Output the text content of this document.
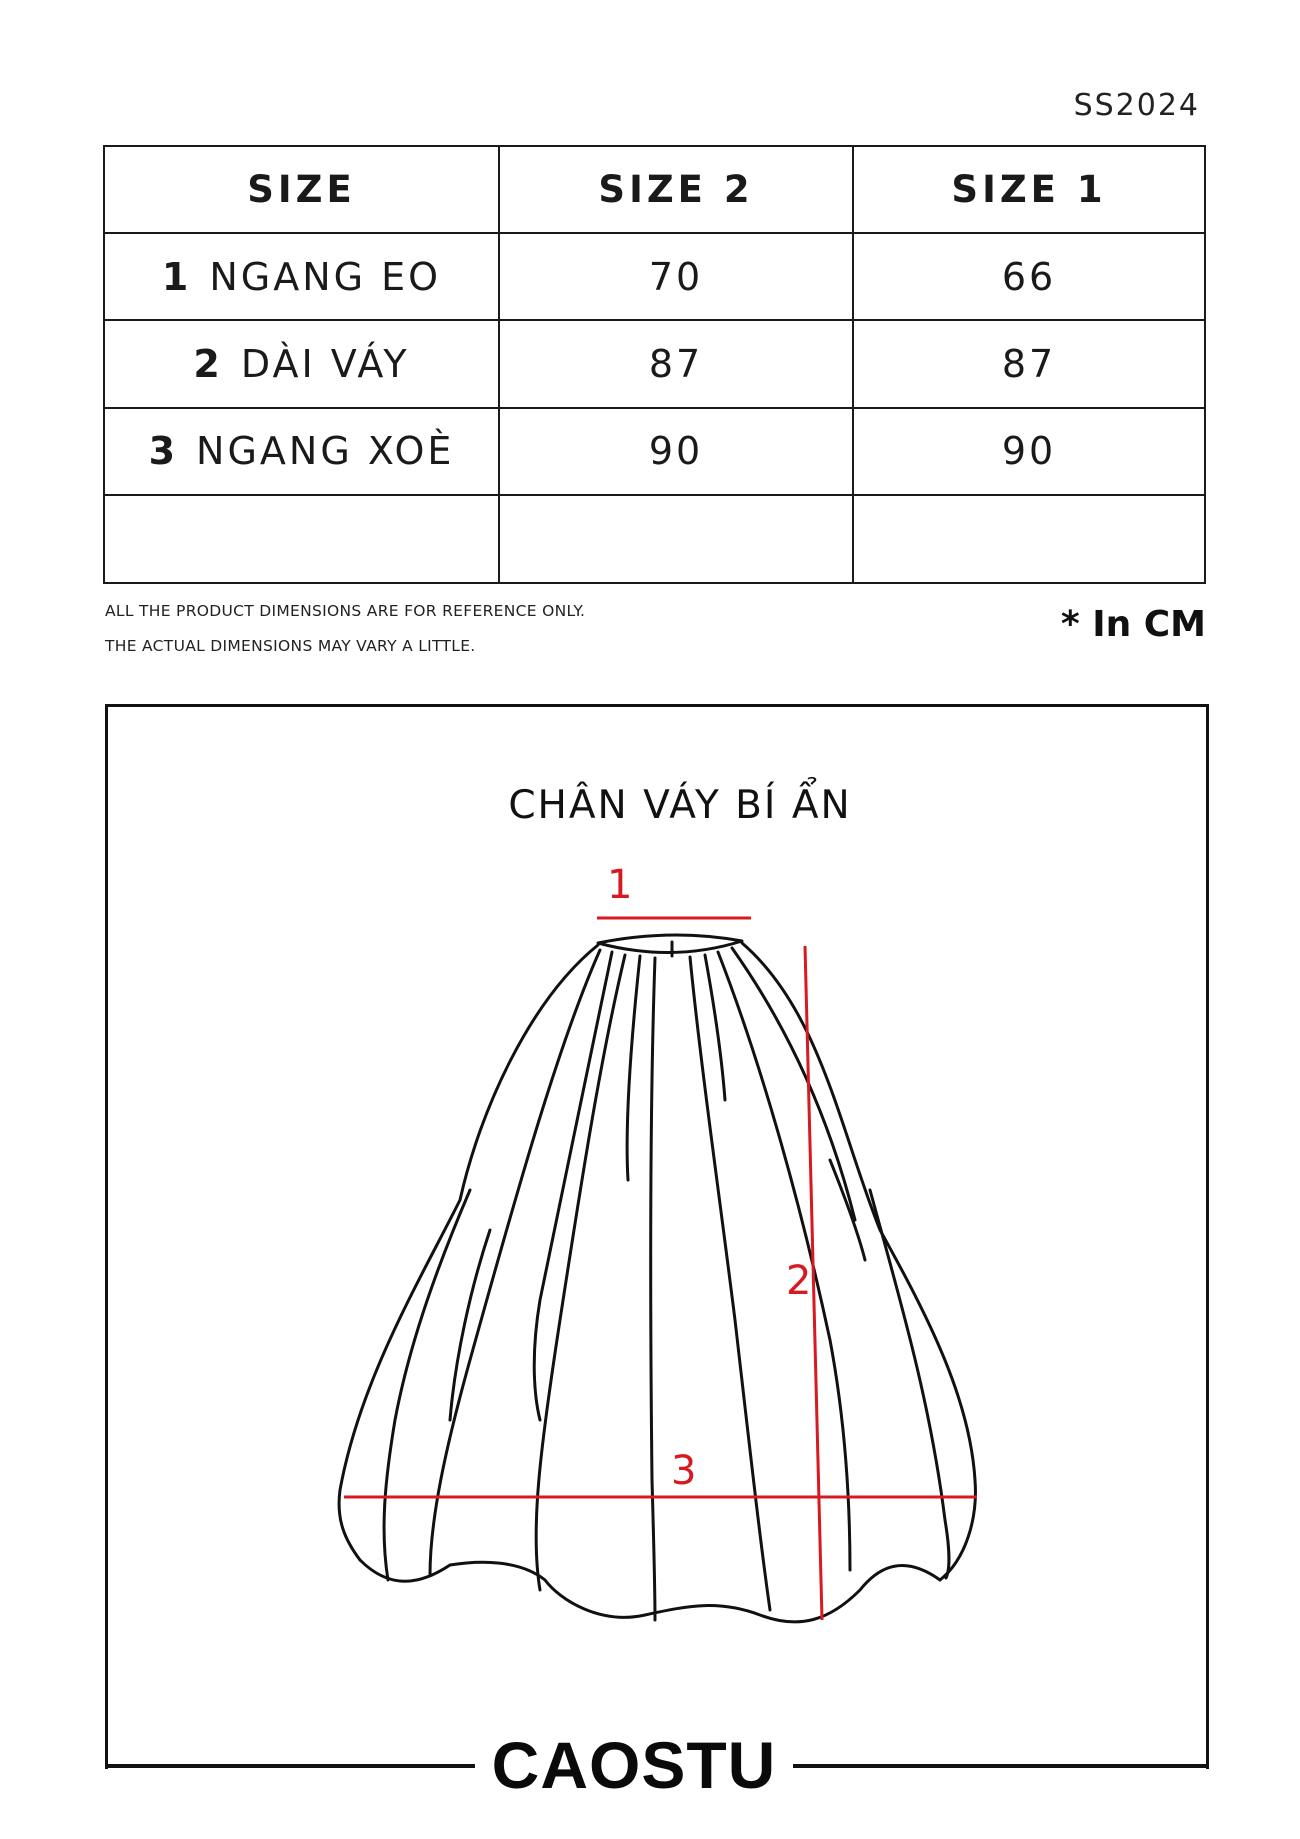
SS2024
SIZE	SIZE 2	SIZE 1
1 NGANG EO	70	66
2 DÀI VÁY	87	87
3 NGANG XOÈ	90	90

ALL THE PRODUCT DIMENSIONS ARE FOR REFERENCE ONLY.
THE ACTUAL DIMENSIONS MAY VARY A LITTLE.
* In CM
CAOSTU
CHÂN VÁY BÍ ẨN
1
2
3
